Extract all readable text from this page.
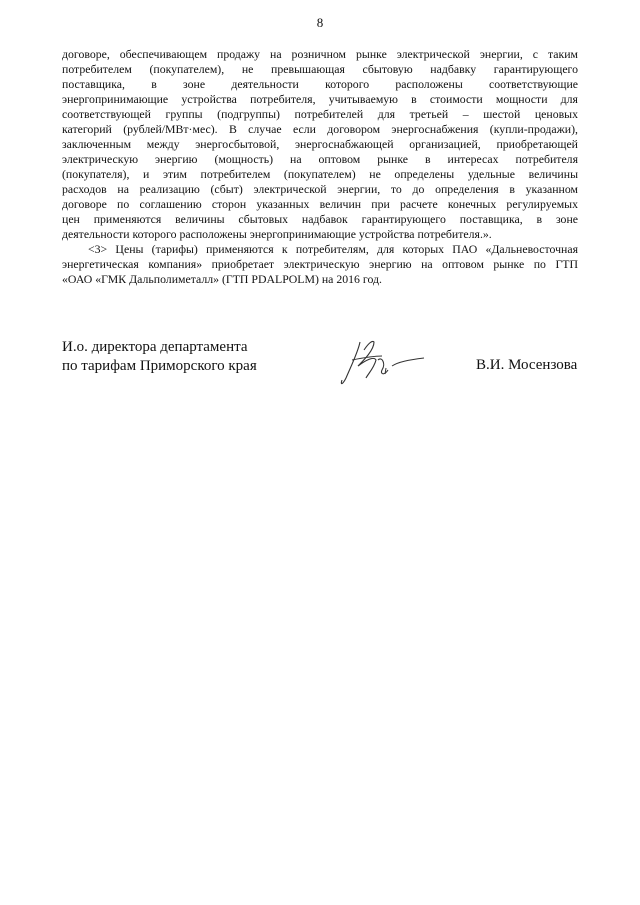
8
договоре, обеспечивающем продажу на розничном рынке электрической энергии, с таким
потребителем (покупателем), не превышающая сбытовую надбавку гарантирующего
поставщика, в зоне деятельности которого расположены соответствующие
энергопринимающие устройства потребителя, учитываемую в стоимости мощности для
соответствующей группы (подгруппы) потребителей для третьей – шестой ценовых
категорий (рублей/МВт·мес). В случае если договором энергоснабжения (купли-продажи),
заключенным между энергосбытовой, энергоснабжающей организацией, приобретающей
электрическую энергию (мощность) на оптовом рынке в интересах потребителя
(покупателя), и этим потребителем (покупателем) не определены удельные величины
расходов на реализацию (сбыт) электрической энергии, то до определения в указанном
договоре по соглашению сторон указанных величин при расчете конечных регулируемых
цен применяются величины сбытовых надбавок гарантирующего поставщика, в зоне
деятельности которого расположены энергопринимающие устройства потребителя.».
<3> Цены (тарифы) применяются к потребителям, для которых ПАО «Дальневосточная
энергетическая компания» приобретает электрическую энергию на оптовом рынке по ГТП
«ОАО «ГМК Дальполиметалл» (ГТП PDALPOLM) на 2016 год.
И.о. директора департамента
по тарифам Приморского края	В.И. Мосензова
